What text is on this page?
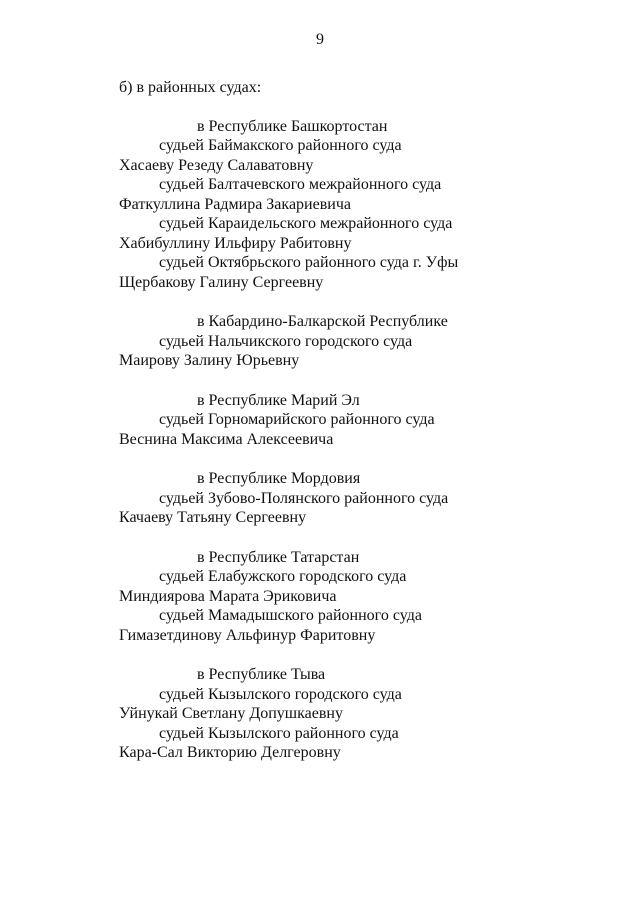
9
б) в районных судах:
в Республике Башкортостан
судьей Баймакского районного суда
Хасаеву Резеду Салаватовну
судьей Балтачевского межрайонного суда
Фаткуллина Радмира Закариевича
судьей Караидельского межрайонного суда
Хабибуллину Ильфиру Рабитовну
судьей Октябрьского районного суда г. Уфы
Щербакову Галину Сергеевну
в Кабардино-Балкарской Республике
судьей Нальчикского городского суда
Маирову Залину Юрьевну
в Республике Марий Эл
судьей Горномарийского районного суда
Веснина Максима Алексеевича
в Республике Мордовия
судьей Зубово-Полянского районного суда
Качаеву Татьяну Сергеевну
в Республике Татарстан
судьей Елабужского городского суда
Миндиярова Марата Эриковича
судьей Мамадышского районного суда
Гимазетдинову Альфинур Фаритовну
в Республике Тыва
судьей Кызылского городского суда
Уйнукай Светлану Допушкаевну
судьей Кызылского районного суда
Кара-Сал Викторию Делгеровну
